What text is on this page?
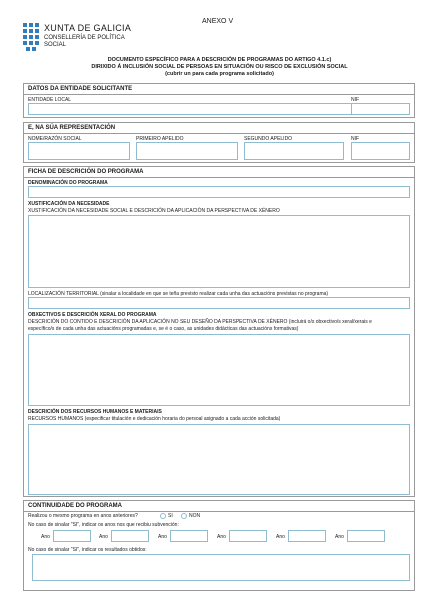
XUNTA DE GALICIA
CONSELLERÍA DE POLÍTICA
SOCIAL
ANEXO V
DOCUMENTO ESPECÍFICO PARA A DESCRICIÓN DE PROGRAMAS DO ARTIGO 4.1.c)
DIRIXIDO Á INCLUSIÓN SOCIAL DE PERSOAS EN SITUACIÓN OU RISCO DE EXCLUSIÓN SOCIAL
(cubrir un para cada programa solicitado)
DATOS DA ENTIDADE SOLICITANTE
ENTIDADE LOCAL	NIF
E, NA SÚA REPRESENTACIÓN
NOME/RAZÓN SOCIAL	PRIMEIRO APELIDO	SEGUNDO APELIDO	NIF
FICHA DE DESCRICIÓN DO PROGRAMA
DENOMINACIÓN DO PROGRAMA
XUSTIFICACIÓN DA NECESIDADE
XUSTIFICACIÓN DA NECESIDADE SOCIAL E DESCRICIÓN DA APLICACIÓN DA PERSPECTIVA DE XÉNERO
LOCALIZACIÓN TERRITORIAL (sinalar a localidade en que se teña previsto realizar cada unha das actuacións previstas no programa)
OBXECTIVOS E DESCRICIÓN XERAL DO PROGRAMA
DESCRICIÓN DO CONTIDO E DESCRICIÓN DA APLICACIÓN NO SEU DESEÑO DA PERSPECTIVA DE XÉNERO (incluirá o/s obxectivo/s xeral/xerais e
específico/s de cada unha das actuacións programadas e, se é o caso, as unidades didácticas das actuacións formativas)
DESCRICIÓN DOS RECURSOS HUMANOS E MATERIAIS
RECURSOS HUMANOS (especificar titulación e dedicación horaria do persoal asignado a cada acción solicitada)
CONTINUIDADE DO PROGRAMA
Realizou o mesmo programa en anos anteriores?	SI	NON
No caso de sinalar "SI", indicar os anos nos que recibiu subvención:
Ano	Ano	Ano	Ano	Ano	Ano
No caso de sinalar "SI", indicar os resultados obtidos:
